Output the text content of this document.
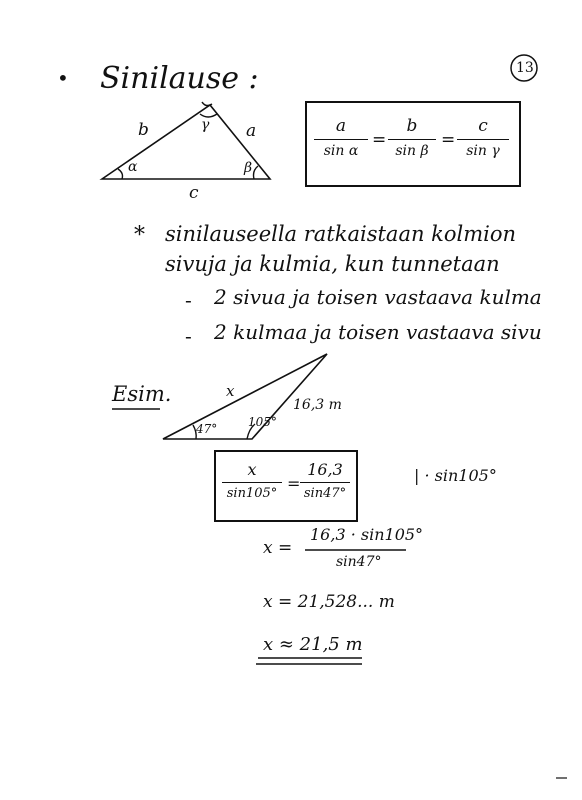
13
• Sinilause :
b	a
c
α	β
γ	a
sin α
=
b
sin β
=
c
sin γ
* sinilauseella ratkaistaan kolmion
sivuja ja kulmia, kun tunnetaan
- 2 sivua ja toisen vastaava kulma
- 2 kulmaa ja toisen vastaava sivu
Esim.	x
16,3 m
47°	105°
x
sin105°
=
16,3
sin47°
| · sin105°
x =
16,3 · sin105°
sin47°
x = 21,528... m
x ≈ 21,5 m
